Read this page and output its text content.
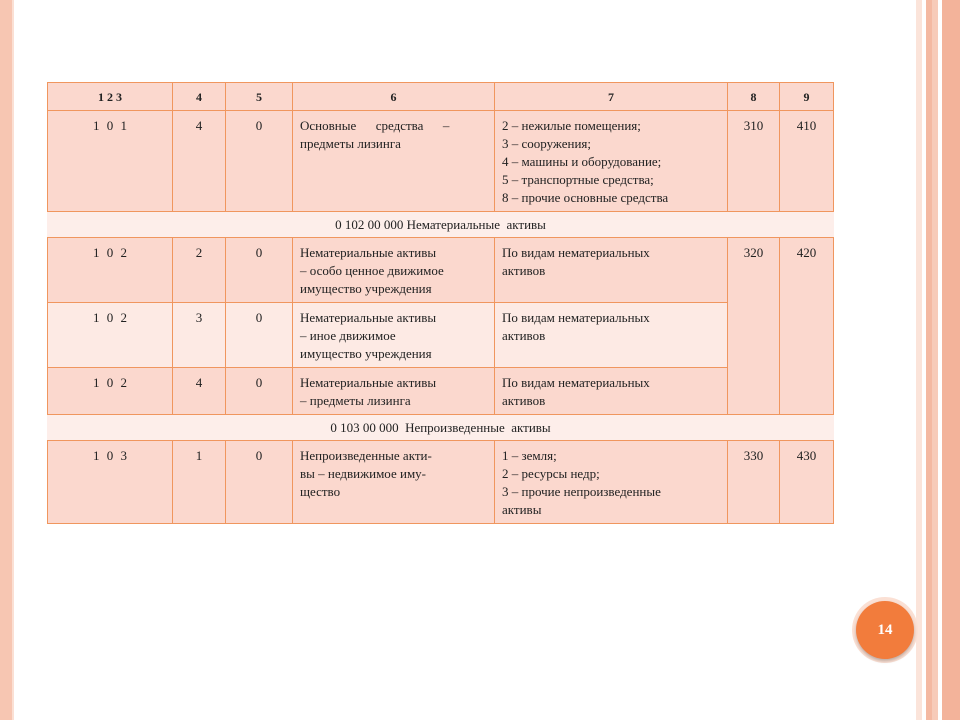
1 2 3	4	5	6	7	8	9
1 0 1	4	0	Основные      средства      –
предметы лизинга	2 – нежилые помещения;
3 – сооружения;
4 – машины и оборудование;
5 – транспортные средства;
8 – прочие основные средства	310	410
0 102 00 000 Нематериальные  активы						
1 0 2	2	0	Нематериальные активы
– особо ценное движимое
имущество учреждения	По видам нематериальных
активов	320	420
1 0 2	3	0	Нематериальные активы
– иное движимое
имущество учреждения	По видам нематериальных
активов		

1 0 2	4	0	Нематериальные активы
– предметы лизинга	По видам нематериальных
активов		

0 103 00 000  Непроизведенные  активы						
1 0 3	1	0	Непроизведенные акти-
вы – недвижимое иму-
щество	1 – земля;
2 – ресурсы недр;
3 – прочие непроизведенные
активы	330	430
14
